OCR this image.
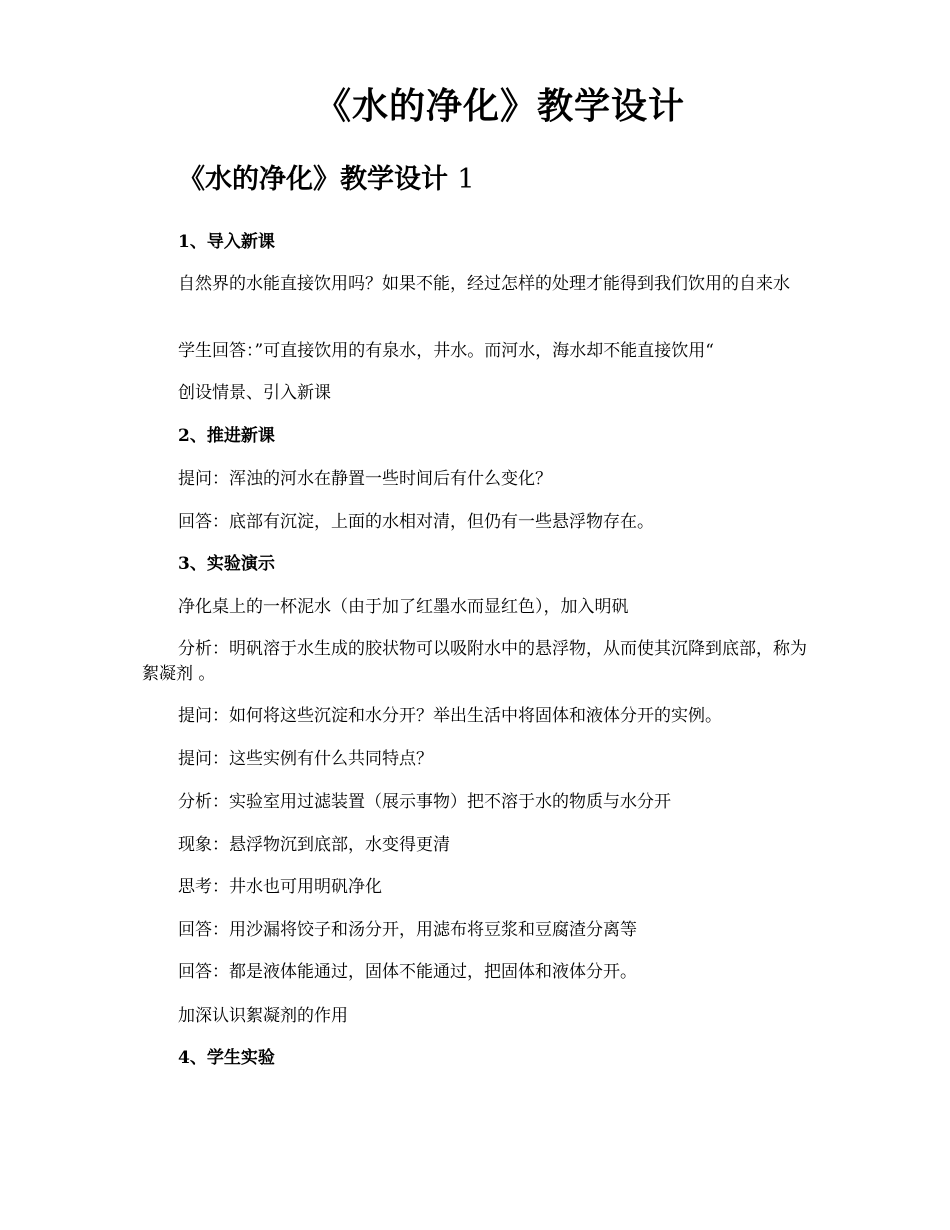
《水的净化》教学设计
《水的净化》教学设计 1

1、导入新课

自然界的水能直接饮用吗？如果不能，经过怎样的处理才能得到我们饮用的自来水

学生回答：”可直接饮用的有泉水，井水。而河水，海水却不能直接饮用“

创设情景、引入新课

2、推进新课

提问：浑浊的河水在静置一些时间后有什么变化？

回答：底部有沉淀，上面的水相对清，但仍有一些悬浮物存在。

3、实验演示

净化桌上的一杯泥水（由于加了红墨水而显红色），加入明矾

分析：明矾溶于水生成的胶状物可以吸附水中的悬浮物，从而使其沉降到底部，称为絮凝剂 。

提问：如何将这些沉淀和水分开？举出生活中将固体和液体分开的实例。

提问：这些实例有什么共同特点？

分析：实验室用过滤装置（展示事物）把不溶于水的物质与水分开

现象：悬浮物沉到底部，水变得更清

思考：井水也可用明矾净化

回答：用沙漏将饺子和汤分开，用滤布将豆浆和豆腐渣分离等

回答：都是液体能通过，固体不能通过，把固体和液体分开。

加深认识絮凝剂的作用

4、学生实验
